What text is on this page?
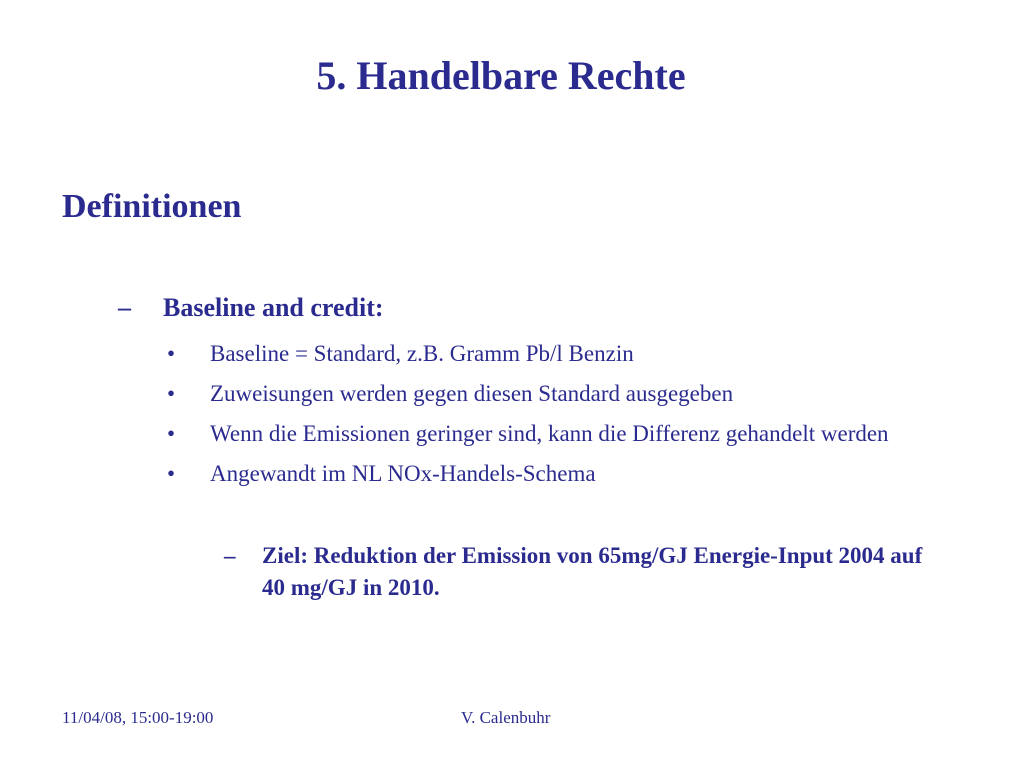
5. Handelbare Rechte
Definitionen
–	Baseline and credit:
•	Baseline = Standard, z.B. Gramm Pb/l Benzin
•	Zuweisungen werden gegen diesen Standard ausgegeben
•	Wenn die Emissionen geringer sind, kann die Differenz gehandelt werden
•	Angewandt im NL NOx-Handels-Schema
–	Ziel: Reduktion der Emission von 65mg/GJ Energie-Input 2004 auf 40 mg/GJ in 2010.
11/04/08, 15:00-19:00	V. Calenbuhr
